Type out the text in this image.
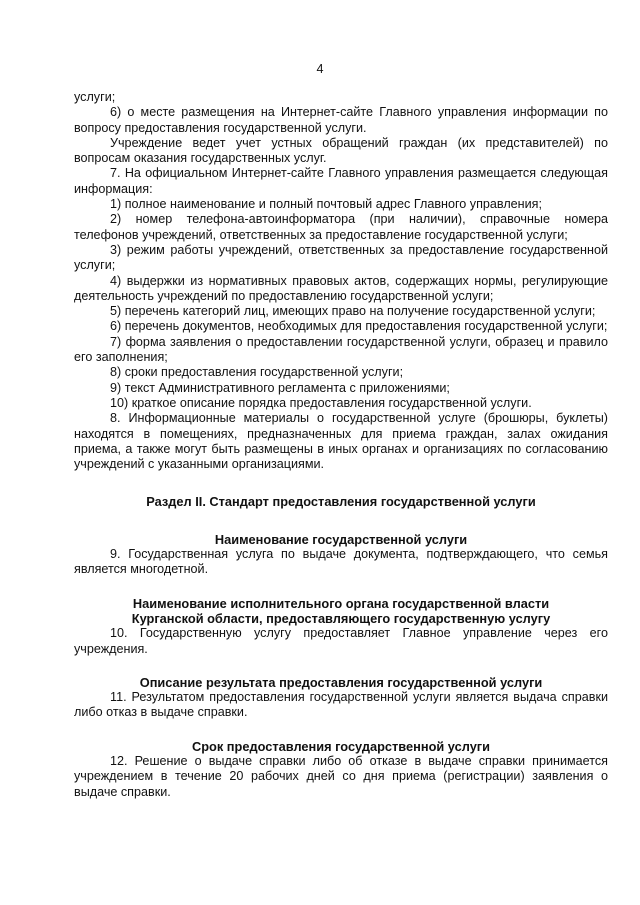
4

услуги;

6) о месте размещения на Интернет-сайте Главного управления информации по вопросу предоставления государственной услуги.

Учреждение ведет учет устных обращений граждан (их представителей) по вопросам оказания государственных услуг.

7. На официальном Интернет-сайте Главного управления размещается следующая информация:

1) полное наименование и полный почтовый адрес Главного управления;

2) номер телефона-автоинформатора (при наличии), справочные номера телефонов учреждений, ответственных за предоставление государственной услуги;

3) режим работы учреждений, ответственных за предоставление государственной услуги;

4) выдержки из нормативных правовых актов, содержащих нормы, регулирующие деятельность учреждений по предоставлению государственной услуги;

5) перечень категорий лиц, имеющих право на получение государственной услуги;

6) перечень документов, необходимых для предоставления государственной услуги;

7) форма заявления о предоставлении государственной услуги, образец и правило его заполнения;

8) сроки предоставления государственной услуги;

9) текст Административного регламента с приложениями;

10) краткое описание порядка предоставления государственной услуги.

8. Информационные материалы о государственной услуге (брошюры, буклеты) находятся в помещениях, предназначенных для приема граждан, залах ожидания приема, а также могут быть размещены в иных органах и организациях по согласованию учреждений с указанными организациями.

Раздел II. Стандарт предоставления государственной услуги
Наименование государственной услуги

9. Государственная услуга по выдаче документа, подтверждающего, что семья является многодетной.

Наименование исполнительного органа государственной власти
Курганской области, предоставляющего государственную услугу

10. Государственную услугу предоставляет Главное управление через его учреждения.

Описание результата предоставления государственной услуги

11. Результатом предоставления государственной услуги является выдача справки либо отказ в выдаче справки.

Срок предоставления государственной услуги

12. Решение о выдаче справки либо об отказе в выдаче справки принимается учреждением в течение 20 рабочих дней со дня приема (регистрации) заявления о выдаче справки.
